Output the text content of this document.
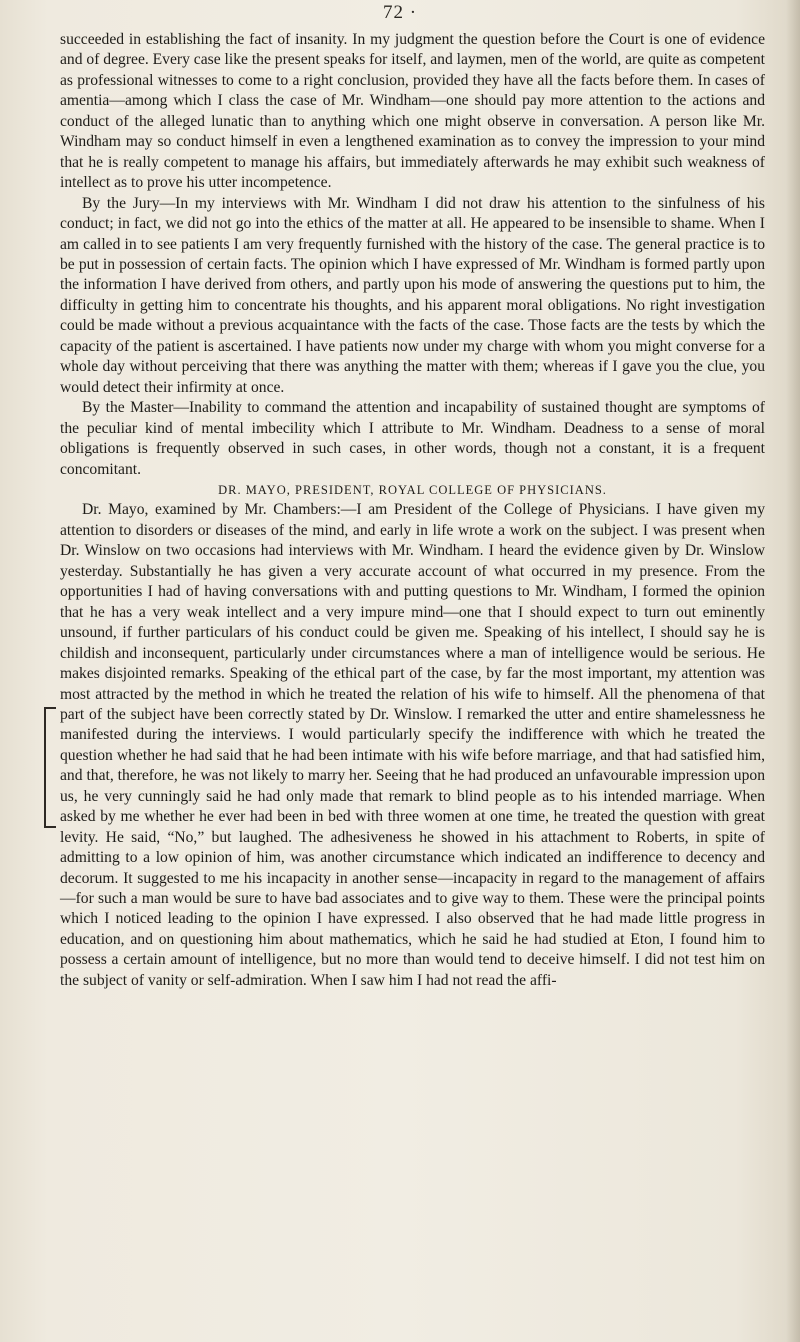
72 ·

succeeded in establishing the fact of insanity. In my judgment the question before the Court is one of evidence and of degree. Every case like the present speaks for itself, and laymen, men of the world, are quite as competent as professional witnesses to come to a right conclusion, provided they have all the facts before them. In cases of amentia—among which I class the case of Mr. Windham—one should pay more attention to the actions and conduct of the alleged lunatic than to anything which one might observe in conversation. A person like Mr. Windham may so conduct himself in even a lengthened examination as to convey the impression to your mind that he is really competent to manage his affairs, but immediately afterwards he may exhibit such weakness of intellect as to prove his utter incompetence.

By the Jury—In my interviews with Mr. Windham I did not draw his attention to the sinfulness of his conduct; in fact, we did not go into the ethics of the matter at all. He appeared to be insensible to shame. When I am called in to see patients I am very frequently furnished with the history of the case. The general practice is to be put in possession of certain facts. The opinion which I have expressed of Mr. Windham is formed partly upon the information I have derived from others, and partly upon his mode of answering the questions put to him, the difficulty in getting him to concentrate his thoughts, and his apparent moral obligations. No right investigation could be made without a previous acquaintance with the facts of the case. Those facts are the tests by which the capacity of the patient is ascertained. I have patients now under my charge with whom you might converse for a whole day without perceiving that there was anything the matter with them; whereas if I gave you the clue, you would detect their infirmity at once.

By the Master—Inability to command the attention and incapability of sustained thought are symptoms of the peculiar kind of mental imbecility which I attribute to Mr. Windham. Deadness to a sense of moral obligations is frequently observed in such cases, in other words, though not a constant, it is a frequent concomitant.

DR. MAYO, PRESIDENT, ROYAL COLLEGE OF PHYSICIANS.

Dr. Mayo, examined by Mr. Chambers:—I am President of the College of Physicians. I have given my attention to disorders or diseases of the mind, and early in life wrote a work on the subject. I was present when Dr. Winslow on two occasions had interviews with Mr. Windham. I heard the evidence given by Dr. Winslow yesterday. Substantially he has given a very accurate account of what occurred in my presence. From the opportunities I had of having conversations with and putting questions to Mr. Windham, I formed the opinion that he has a very weak intellect and a very impure mind—one that I should expect to turn out eminently unsound, if further particulars of his conduct could be given me. Speaking of his intellect, I should say he is childish and inconsequent, particularly under circumstances where a man of intelligence would be serious. He makes disjointed remarks. Speaking of the ethical part of the case, by far the most important, my attention was most attracted by the method in which he treated the relation of his wife to himself. All the phenomena of that part of the subject have been correctly stated by Dr. Winslow. I remarked the utter and entire shamelessness he manifested during the interviews. I would particularly specify the indifference with which he treated the question whether he had said that he had been intimate with his wife before marriage, and that had satisfied him, and that, therefore, he was not likely to marry her. Seeing that he had produced an unfavourable impression upon us, he very cunningly said he had only made that remark to blind people as to his intended marriage. When asked by me whether he ever had been in bed with three women at one time, he treated the question with great levity. He said, “No,” but laughed. The adhesiveness he showed in his attachment to Roberts, in spite of admitting to a low opinion of him, was another circumstance which indicated an indifference to decency and decorum. It suggested to me his incapacity in another sense—incapacity in regard to the management of affairs—for such a man would be sure to have bad associates and to give way to them. These were the principal points which I noticed leading to the opinion I have expressed. I also observed that he had made little progress in education, and on questioning him about mathematics, which he said he had studied at Eton, I found him to possess a certain amount of intelligence, but no more than would tend to deceive himself. I did not test him on the subject of vanity or self-admiration. When I saw him I had not read the affi-
